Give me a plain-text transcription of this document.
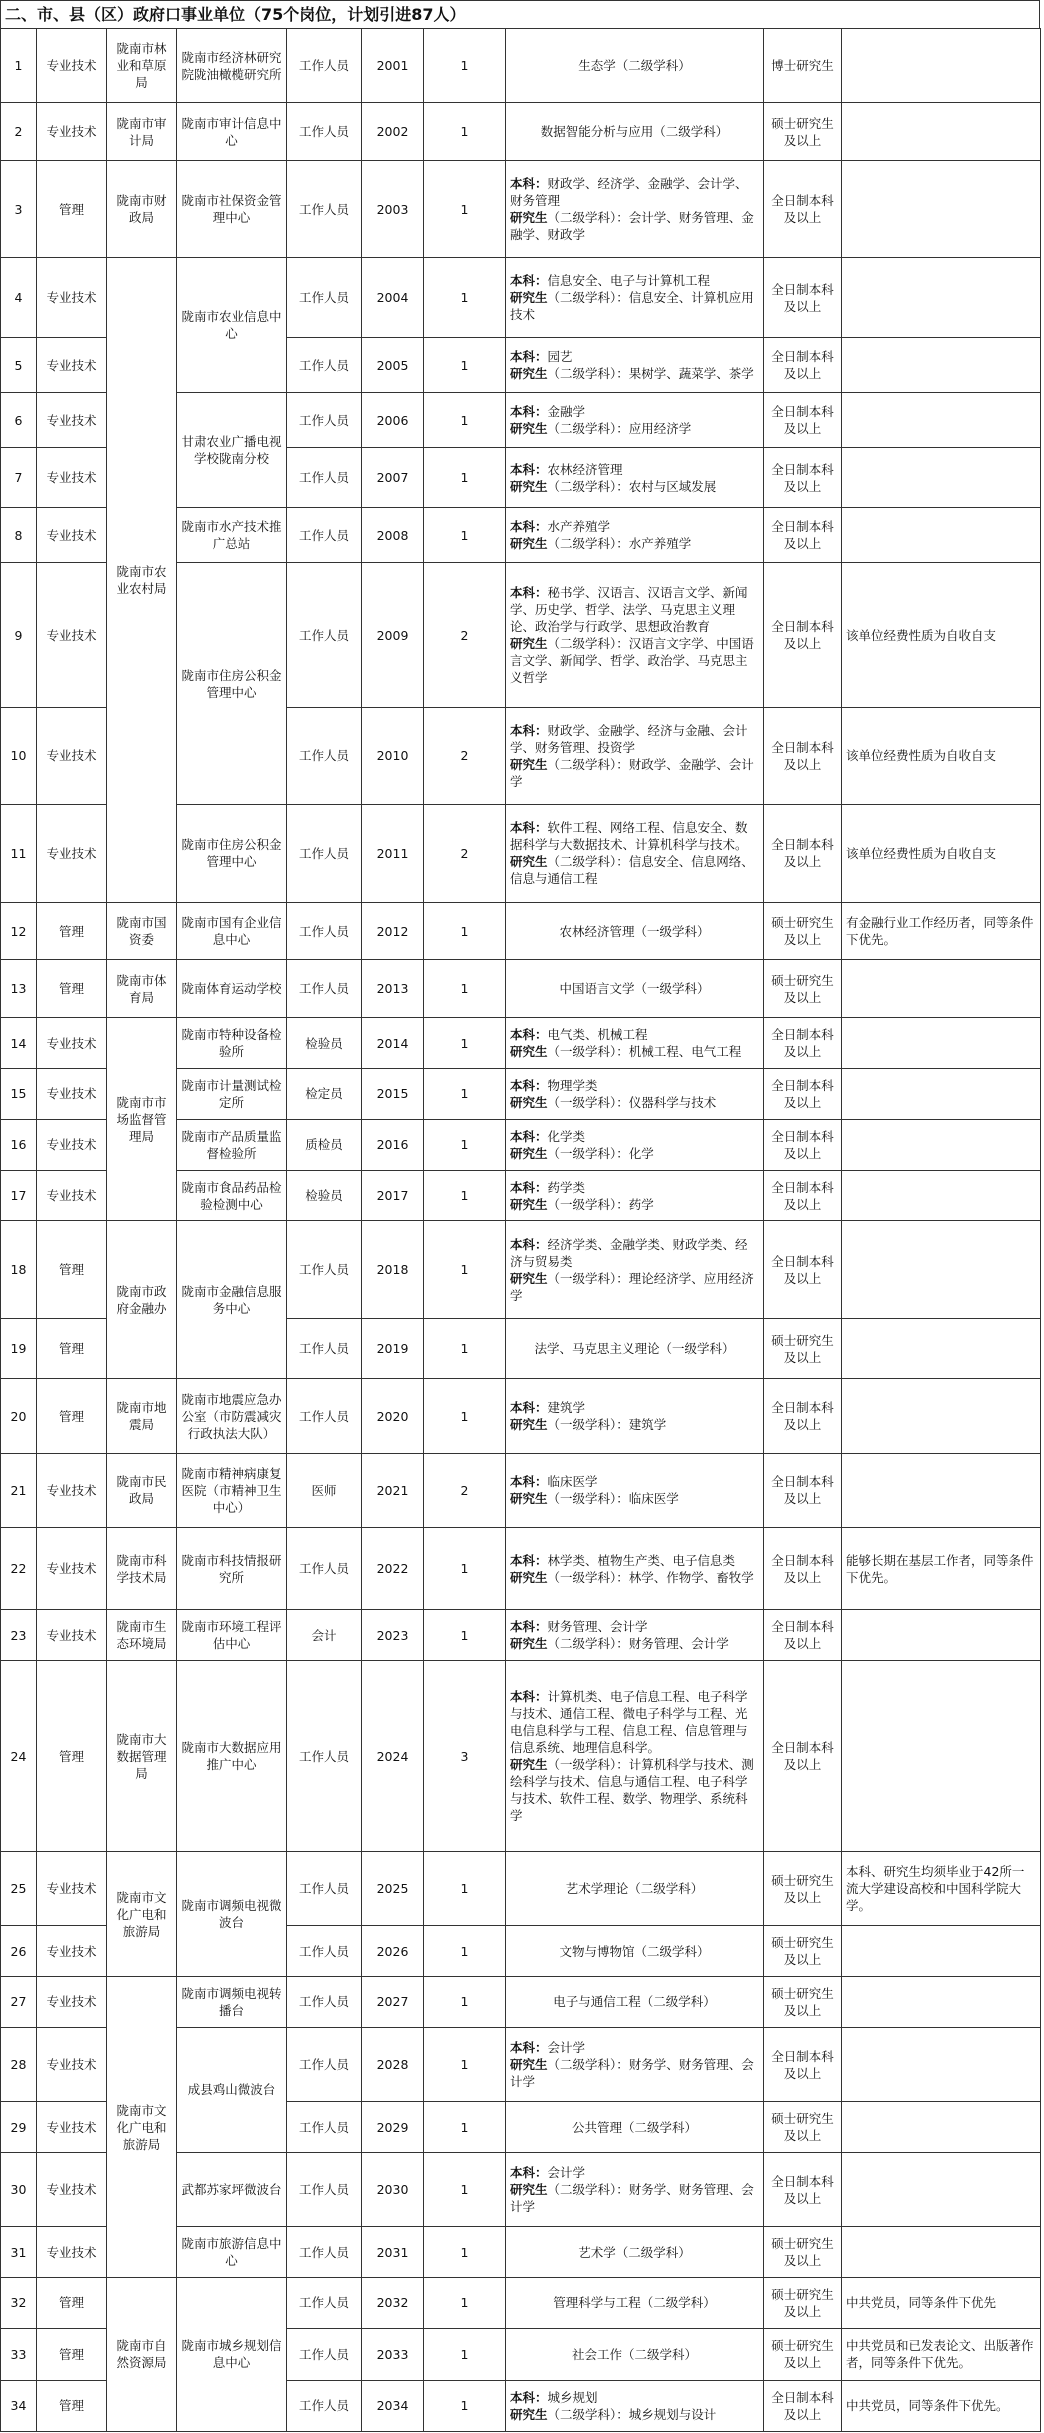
二、市、县（区）政府口事业单位（75个岗位，计划引进87人）
1	专业技术	陇南市林业和草原局	陇南市经济林研究院陇油橄榄研究所	工作人员	2001	1	生态学（二级学科）	博士研究生	
2	专业技术	陇南市审计局	陇南市审计信息中心	工作人员	2002	1	数据智能分析与应用（二级学科）	硕士研究生及以上	
3	管理	陇南市财政局	陇南市社保资金管理中心	工作人员	2003	1	本科：财政学、经济学、金融学、会计学、财务管理
研究生（二级学科）：会计学、财务管理、金融学、财政学	全日制本科及以上	
4	专业技术	陇南市农业农村局	陇南市农业信息中心	工作人员	2004	1	本科：信息安全、电子与计算机工程
研究生（二级学科）：信息安全、计算机应用技术	全日制本科及以上	
5	专业技术			工作人员	2005	1	本科：园艺
研究生（二级学科）：果树学、蔬菜学、茶学	全日制本科及以上	
6	专业技术		甘肃农业广播电视学校陇南分校	工作人员	2006	1	本科：金融学
研究生（二级学科）：应用经济学	全日制本科及以上	
7	专业技术			工作人员	2007	1	本科：农林经济管理
研究生（二级学科）：农村与区域发展	全日制本科及以上	
8	专业技术		陇南市水产技术推广总站	工作人员	2008	1	本科：水产养殖学
研究生（二级学科）：水产养殖学	全日制本科及以上	
9	专业技术		陇南市住房公积金管理中心	工作人员	2009	2	本科：秘书学、汉语言、汉语言文学、新闻学、历史学、哲学、法学、马克思主义理论、政治学与行政学、思想政治教育
研究生（二级学科）：汉语言文字学、中国语言文学、新闻学、哲学、政治学、马克思主义哲学	全日制本科及以上	该单位经费性质为自收自支
10	专业技术			工作人员	2010	2	本科：财政学、金融学、经济与金融、会计学、财务管理、投资学
研究生（二级学科）：财政学、金融学、会计学	全日制本科及以上	该单位经费性质为自收自支
11	专业技术		陇南市住房公积金管理中心	工作人员	2011	2	本科：软件工程、网络工程、信息安全、数据科学与大数据技术、计算机科学与技术。
研究生（二级学科）：信息安全、信息网络、信息与通信工程	全日制本科及以上	该单位经费性质为自收自支
12	管理	陇南市国资委	陇南市国有企业信息中心	工作人员	2012	1	农林经济管理（一级学科）	硕士研究生及以上	有金融行业工作经历者，同等条件下优先。
13	管理	陇南市体育局	陇南体育运动学校	工作人员	2013	1	中国语言文学（一级学科）	硕士研究生及以上	
14	专业技术	陇南市市场监督管理局	陇南市特种设备检验所	检验员	2014	1	本科：电气类、机械工程
研究生（一级学科）：机械工程、电气工程	全日制本科及以上	
15	专业技术		陇南市计量测试检定所	检定员	2015	1	本科：物理学类
研究生（一级学科）：仪器科学与技术	全日制本科及以上	
16	专业技术		陇南市产品质量监督检验所	质检员	2016	1	本科：化学类
研究生（一级学科）：化学	全日制本科及以上	
17	专业技术		陇南市食品药品检验检测中心	检验员	2017	1	本科：药学类
研究生（一级学科）：药学	全日制本科及以上	
18	管理	陇南市政府金融办	陇南市金融信息服务中心	工作人员	2018	1	本科：经济学类、金融学类、财政学类、经济与贸易类
研究生（一级学科）：理论经济学、应用经济学	全日制本科及以上	
19	管理			工作人员	2019	1	法学、马克思主义理论（一级学科）	硕士研究生及以上	
20	管理	陇南市地震局	陇南市地震应急办公室（市防震减灾行政执法大队）	工作人员	2020	1	本科：建筑学
研究生（一级学科）：建筑学	全日制本科及以上	
21	专业技术	陇南市民政局	陇南市精神病康复医院（市精神卫生中心）	医师	2021	2	本科：临床医学
研究生（一级学科）：临床医学	全日制本科及以上	
22	专业技术	陇南市科学技术局	陇南市科技情报研究所	工作人员	2022	1	本科：林学类、植物生产类、电子信息类
研究生（一级学科）：林学、作物学、畜牧学	全日制本科及以上	能够长期在基层工作者，同等条件下优先。
23	专业技术	陇南市生态环境局	陇南市环境工程评估中心	会计	2023	1	本科：财务管理、会计学
研究生（二级学科）：财务管理、会计学	全日制本科及以上	
24	管理	陇南市大数据管理局	陇南市大数据应用推广中心	工作人员	2024	3	本科：计算机类、电子信息工程、电子科学与技术、通信工程、微电子科学与工程、光电信息科学与工程、信息工程、信息管理与信息系统、地理信息科学。
研究生（一级学科）：计算机科学与技术、测绘科学与技术、信息与通信工程、电子科学与技术、软件工程、数学、物理学、系统科学	全日制本科及以上	
25	专业技术	陇南市文化广电和旅游局	陇南市调频电视微波台	工作人员	2025	1	艺术学理论（二级学科）	硕士研究生及以上	本科、研究生均须毕业于42所一流大学建设高校和中国科学院大学。
26	专业技术			工作人员	2026	1	文物与博物馆（二级学科）	硕士研究生及以上	
27	专业技术	陇南市文化广电和旅游局	陇南市调频电视转播台	工作人员	2027	1	电子与通信工程（二级学科）	硕士研究生及以上	
28	专业技术		成县鸡山微波台	工作人员	2028	1	本科：会计学
研究生（二级学科）：财务学、财务管理、会计学	全日制本科及以上	
29	专业技术			工作人员	2029	1	公共管理（二级学科）	硕士研究生及以上	
30	专业技术		武都苏家坪微波台	工作人员	2030	1	本科：会计学
研究生（二级学科）：财务学、财务管理、会计学	全日制本科及以上	
31	专业技术		陇南市旅游信息中心	工作人员	2031	1	艺术学（二级学科）	硕士研究生及以上	
32	管理	陇南市自然资源局	陇南市城乡规划信息中心	工作人员	2032	1	管理科学与工程（二级学科）	硕士研究生及以上	中共党员，同等条件下优先
33	管理			工作人员	2033	1	社会工作（二级学科）	硕士研究生及以上	中共党员和已发表论文、出版著作者，同等条件下优先。
34	管理			工作人员	2034	1	本科：城乡规划
研究生（二级学科）：城乡规划与设计	全日制本科及以上	中共党员，同等条件下优先。
